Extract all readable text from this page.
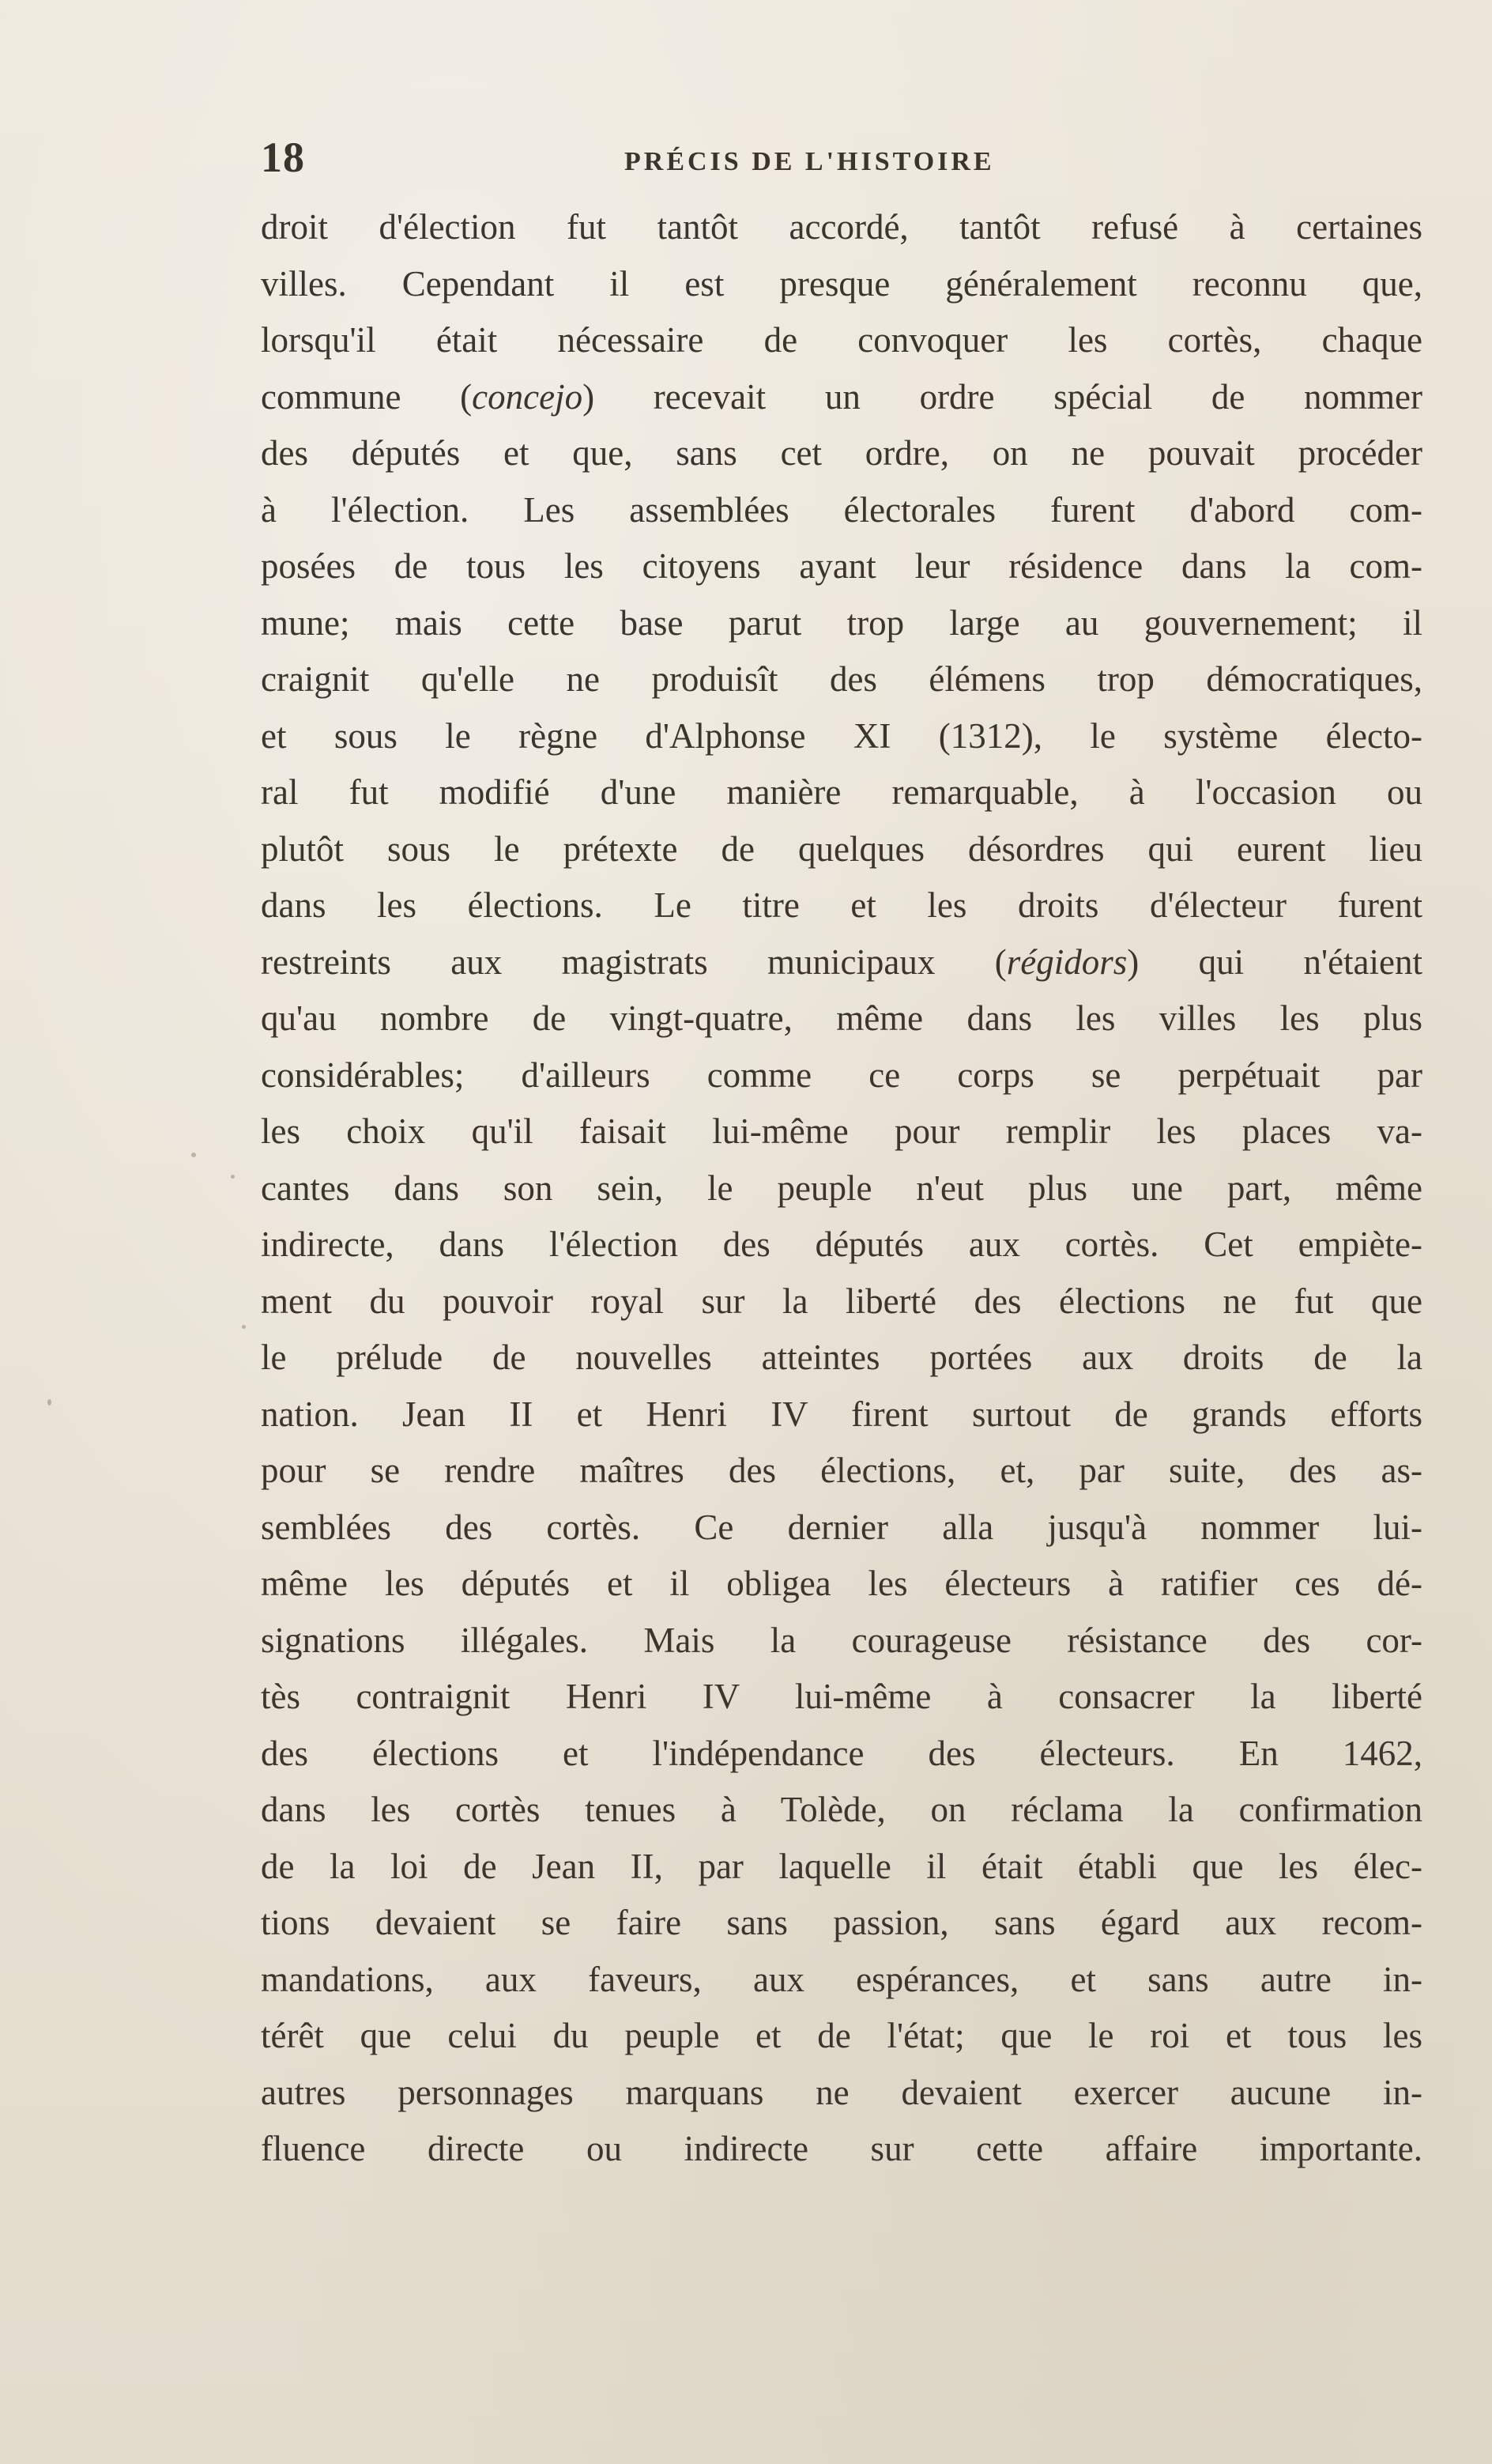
18	PRÉCIS DE L'HISTOIRE
droit d'élection fut tantôt accordé, tantôt refusé à certaines
villes. Cependant il est presque généralement reconnu que,
lorsqu'il était nécessaire de convoquer les cortès, chaque
commune (concejo) recevait un ordre spécial de nommer
des députés et que, sans cet ordre, on ne pouvait procéder
à l'élection. Les assemblées électorales furent d'abord com-
posées de tous les citoyens ayant leur résidence dans la com-
mune; mais cette base parut trop large au gouvernement; il
craignit qu'elle ne produisît des élémens trop démocratiques,
et sous le règne d'Alphonse XI (1312), le système électo-
ral fut modifié d'une manière remarquable, à l'occasion ou
plutôt sous le prétexte de quelques désordres qui eurent lieu
dans les élections. Le titre et les droits d'électeur furent
restreints aux magistrats municipaux (régidors) qui n'étaient
qu'au nombre de vingt-quatre, même dans les villes les plus
considérables; d'ailleurs comme ce corps se perpétuait par
les choix qu'il faisait lui-même pour remplir les places va-
cantes dans son sein, le peuple n'eut plus une part, même
indirecte, dans l'élection des députés aux cortès. Cet empiète-
ment du pouvoir royal sur la liberté des élections ne fut que
le prélude de nouvelles atteintes portées aux droits de la
nation. Jean II et Henri IV firent surtout de grands efforts
pour se rendre maîtres des élections, et, par suite, des as-
semblées des cortès. Ce dernier alla jusqu'à nommer lui-
même les députés et il obligea les électeurs à ratifier ces dé-
signations illégales. Mais la courageuse résistance des cor-
tès contraignit Henri IV lui-même à consacrer la liberté
des élections et l'indépendance des électeurs. En 1462,
dans les cortès tenues à Tolède, on réclama la confirmation
de la loi de Jean II, par laquelle il était établi que les élec-
tions devaient se faire sans passion, sans égard aux recom-
mandations, aux faveurs, aux espérances, et sans autre in-
térêt que celui du peuple et de l'état; que le roi et tous les
autres personnages marquans ne devaient exercer aucune in-
fluence directe ou indirecte sur cette affaire importante.
